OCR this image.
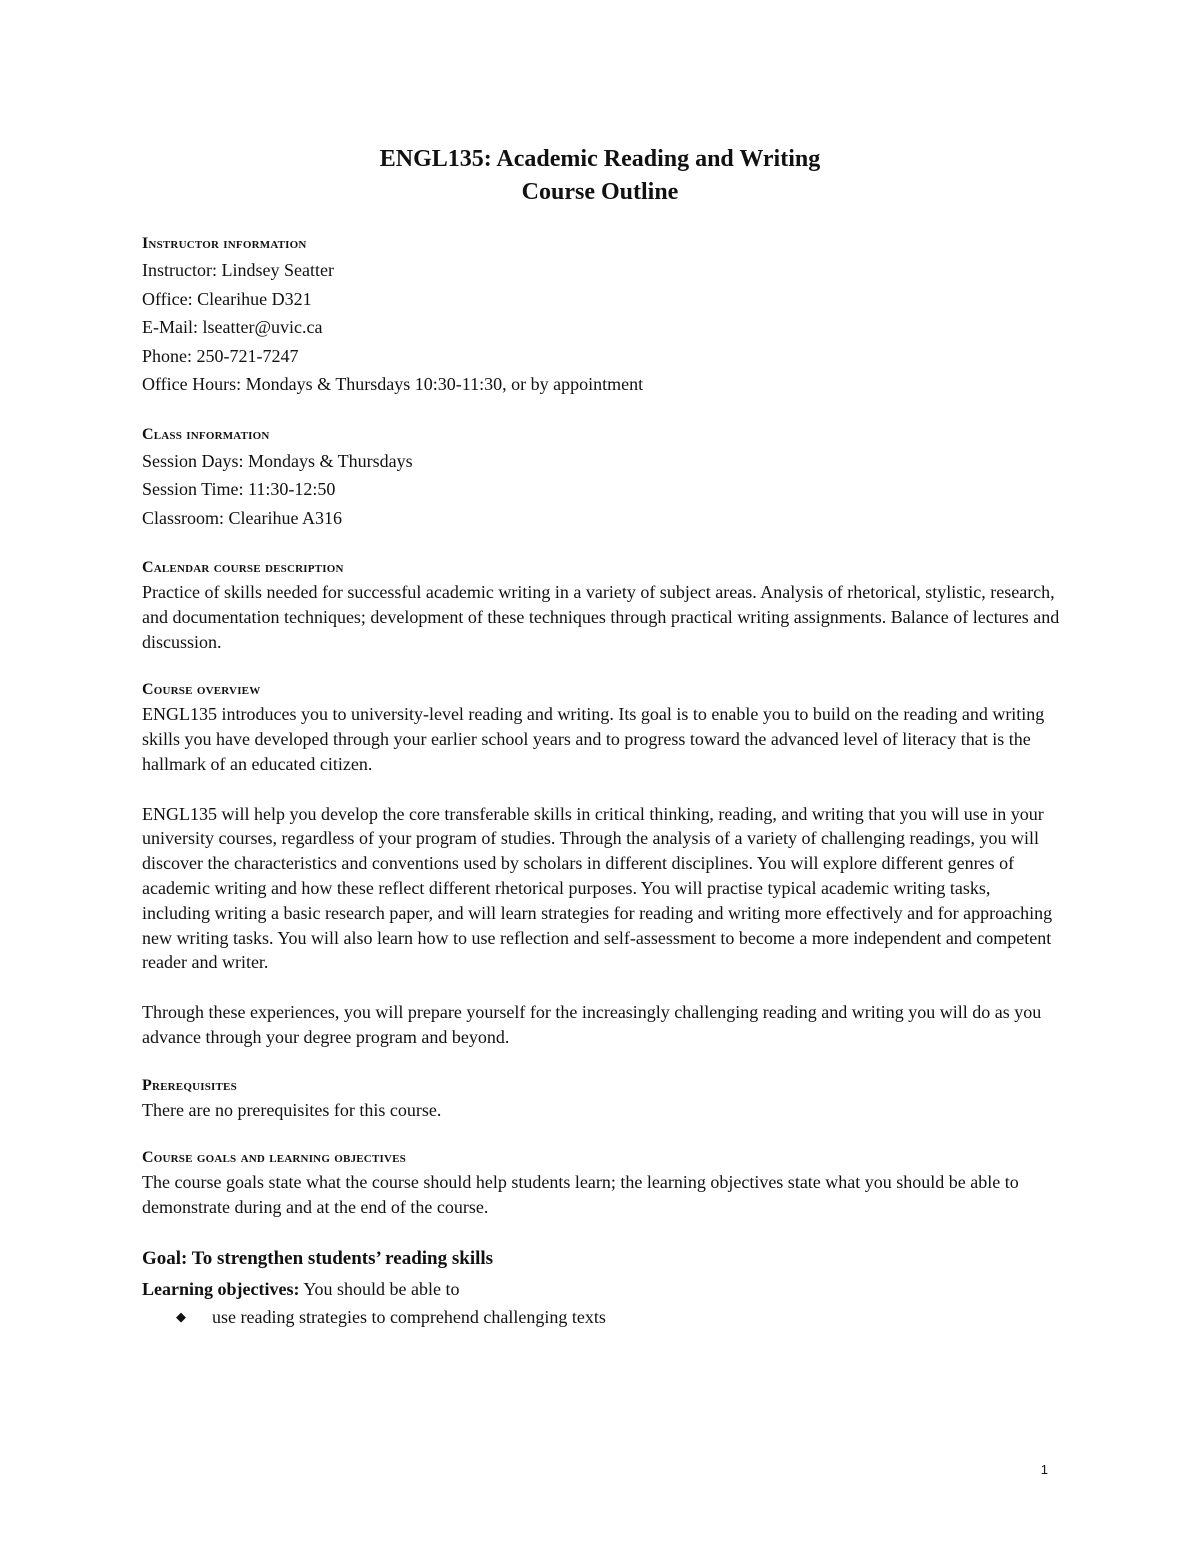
ENGL135: Academic Reading and Writing
Course Outline

Instructor information

Instructor: Lindsey Seatter

Office: Clearihue D321

E-Mail: lseatter@uvic.ca

Phone: 250-721-7247

Office Hours: Mondays & Thursdays 10:30-11:30, or by appointment

Class information

Session Days: Mondays & Thursdays

Session Time: 11:30-12:50

Classroom: Clearihue A316

Calendar course description

Practice of skills needed for successful academic writing in a variety of subject areas. Analysis of rhetorical, stylistic, research, and documentation techniques; development of these techniques through practical writing assignments. Balance of lectures and discussion.

Course overview

ENGL135 introduces you to university-level reading and writing. Its goal is to enable you to build on the reading and writing skills you have developed through your earlier school years and to progress toward the advanced level of literacy that is the hallmark of an educated citizen.

ENGL135 will help you develop the core transferable skills in critical thinking, reading, and writing that you will use in your university courses, regardless of your program of studies. Through the analysis of a variety of challenging readings, you will discover the characteristics and conventions used by scholars in different disciplines. You will explore different genres of academic writing and how these reflect different rhetorical purposes. You will practise typical academic writing tasks, including writing a basic research paper, and will learn strategies for reading and writing more effectively and for approaching new writing tasks. You will also learn how to use reflection and self-assessment to become a more independent and competent reader and writer.

Through these experiences, you will prepare yourself for the increasingly challenging reading and writing you will do as you advance through your degree program and beyond.

Prerequisites

There are no prerequisites for this course.

Course goals and learning objectives

The course goals state what the course should help students learn; the learning objectives state what you should be able to demonstrate during and at the end of the course.

Goal: To strengthen students’ reading skills

Learning objectives: You should be able to

◆ use reading strategies to comprehend challenging texts
1
